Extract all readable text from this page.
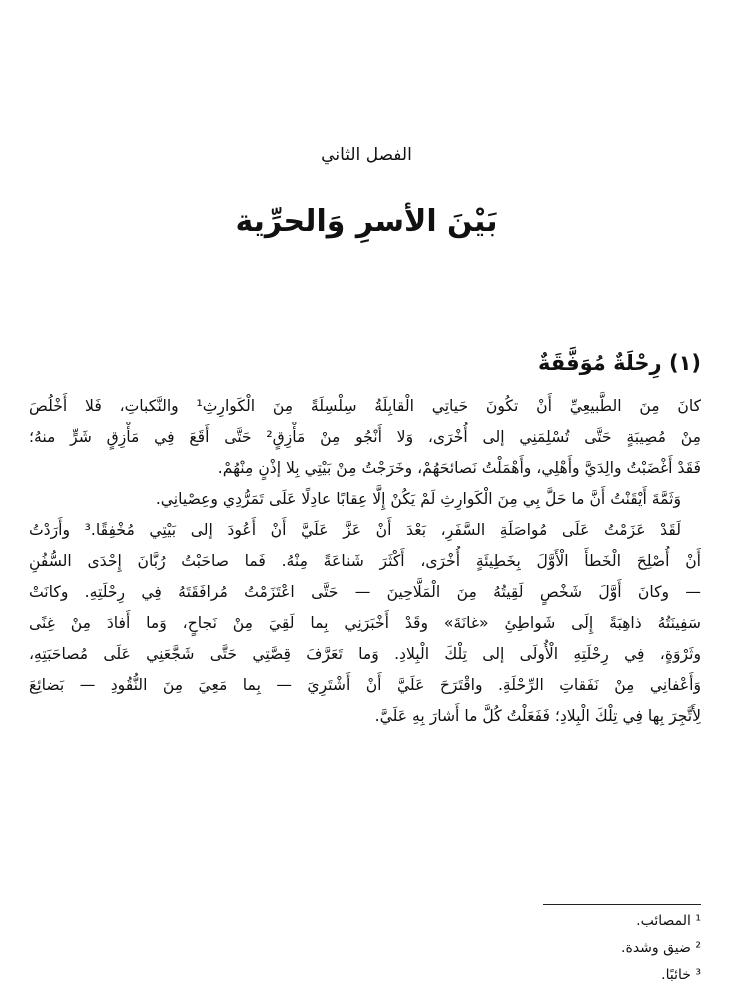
الفصل الثاني
بَيْنَ الأسرِ وَالحرِّية
(١) رِحْلَةٌ مُوَفَّقَةٌ
كانَ مِنَ الطَّبيعِيِّ أَنْ تكُونَ حَياتِي الْقابِلَةُ سِلْسِلَةً مِنَ الْكَوارِثِ¹ والنَّكباتِ، فَلا أَخْلُصَ
مِنْ مُصِيبَةٍ حَتَّى تُسْلِمَنِي إلى أُخْرَى، وَلا أَنْجُو مِنْ مَأْزِقٍ² حَتَّى أَقَعَ فِي مَأْزِقٍ شَرٍّ منهُ؛
فَقَدْ أَغْضَبْتُ والِدَيَّ وأَهْلِي، وأَهْمَلْتُ نَصائحَهُمْ، وخَرَجْتُ مِنْ بَيْتِي بِلا إذْنٍ مِنْهُمْ.
وَثَمَّةَ أَيْقَنْتُ أَنَّ ما حَلَّ بِي مِنَ الْكَوارِثِ لَمْ يَكُنْ إِلَّا عِقابًا عادِلًا عَلَى تَمَرُّدِي وعِصْيانِي.
لَقَدْ عَزَمْتُ عَلَى مُواصَلَةِ السَّفَرِ، بَعْدَ أَنْ عَزَّ عَلَيَّ أَنْ أَعُودَ إلى بَيْتِي مُخْفِقًا.³ وأَرَدْتُ
أَنْ أُصْلِحَ الْخَطأَ الْأَوَّلَ بِخَطِيئَةٍ أُخْرَى، أَكْثَرَ شَناعَةً مِنْهُ. فَما صاحَبْتُ رُبَّانَ إِحْدَى السُّفُنِ
— وكانَ أَوَّلَ شَخْصٍ لَقِيتُهُ مِنَ الْمَلَّاحِينَ — حَتَّى اعْتَزَمْتُ مُرافَقَتَهُ فِي رِحْلَتِهِ. وكانَتْ
سَفِينَتُهُ ذاهِبَةً إِلَى شَواطِئِ «غانَةَ» وقَدْ أَخْبَرَنِي بِما لَقِيَ مِنْ نَجاحٍ، وَما أَفادَ مِنْ غِنًى
وثَرْوَةٍ، فِي رِحْلَتِهِ الْأُولَى إلى تِلْكَ الْبِلادِ. وَما تَعَرَّفَ قِصَّتِي حَتَّى شَجَّعَنِي عَلَى مُصاحَبَتِهِ،
وَأَعْفانِي مِنْ نَفَقاتِ الرِّحْلَةِ. واقْتَرَحَ عَلَيَّ أَنْ أَشْتَرِيَ — بِما مَعِيَ مِنَ النُّقُودِ — بَضائِعَ
لِأَتَّجِرَ بِها فِي تِلْكَ الْبِلادِ؛ فَفَعَلْتُ كُلَّ ما أَشارَ بِهِ عَلَيَّ.
¹ المصائب.
² ضيق وشدة.
³ خائبًا.
